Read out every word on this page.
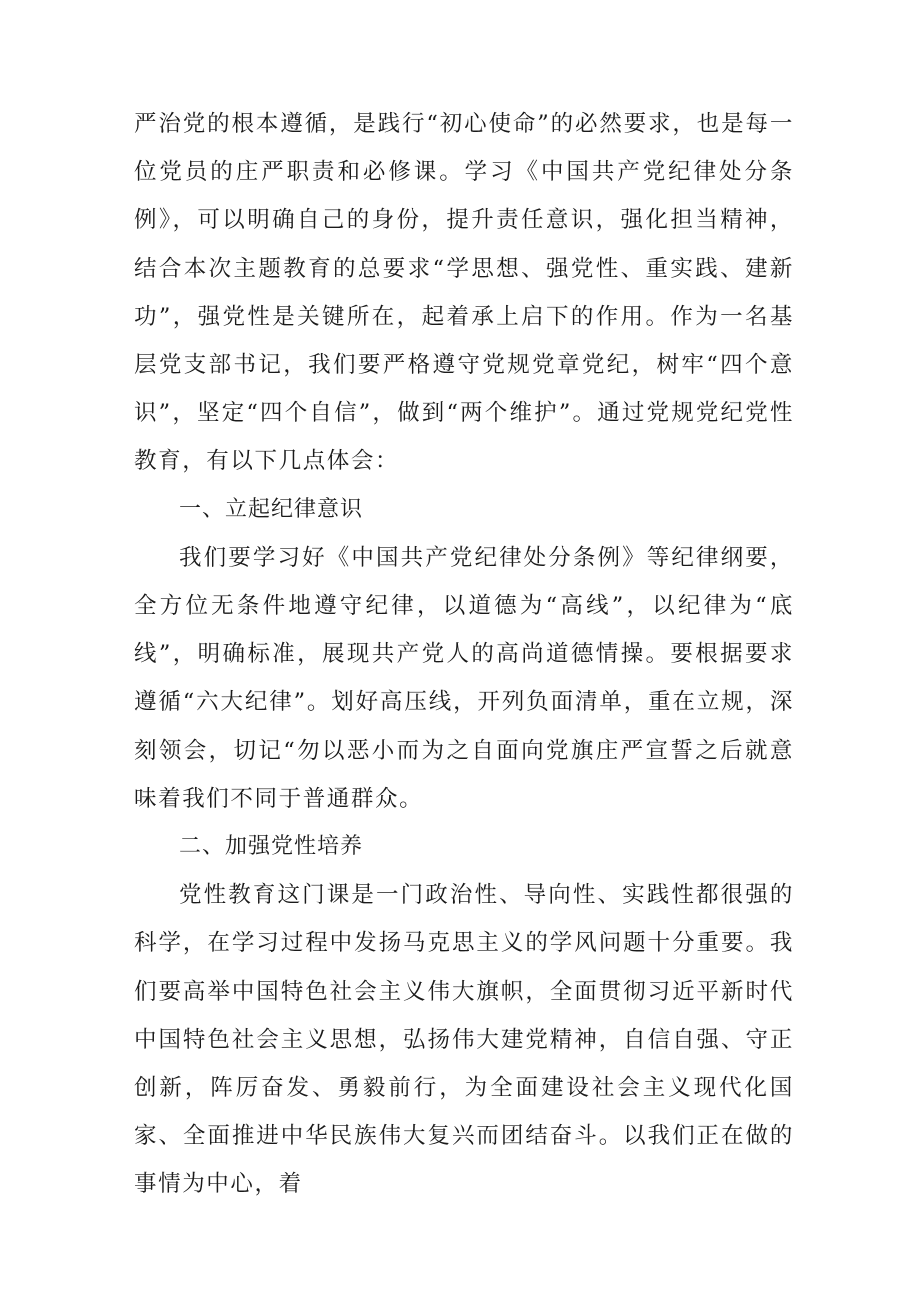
严治党的根本遵循，是践行“初心使命”的必然要求，也是每一位党员的庄严职责和必修课。学习《中国共产党纪律处分条例》，可以明确自己的身份，提升责任意识，强化担当精神，结合本次主题教育的总要求“学思想、强党性、重实践、建新功”，强党性是关键所在，起着承上启下的作用。作为一名基层党支部书记，我们要严格遵守党规党章党纪，树牢“四个意识”，坚定“四个自信”，做到“两个维护”。通过党规党纪党性教育，有以下几点体会：

一、立起纪律意识

我们要学习好《中国共产党纪律处分条例》等纪律纲要，全方位无条件地遵守纪律，以道德为“高线”，以纪律为“底线”，明确标准，展现共产党人的高尚道德情操。要根据要求遵循“六大纪律”。划好高压线，开列负面清单，重在立规，深刻领会，切记“勿以恶小而为之自面向党旗庄严宣誓之后就意味着我们不同于普通群众。

二、加强党性培养

党性教育这门课是一门政治性、导向性、实践性都很强的科学，在学习过程中发扬马克思主义的学风问题十分重要。我们要高举中国特色社会主义伟大旗帜，全面贯彻习近平新时代中国特色社会主义思想，弘扬伟大建党精神，自信自强、守正创新，阵厉奋发、勇毅前行，为全面建设社会主义现代化国家、全面推进中华民族伟大复兴而团结奋斗。以我们正在做的事情为中心，着
